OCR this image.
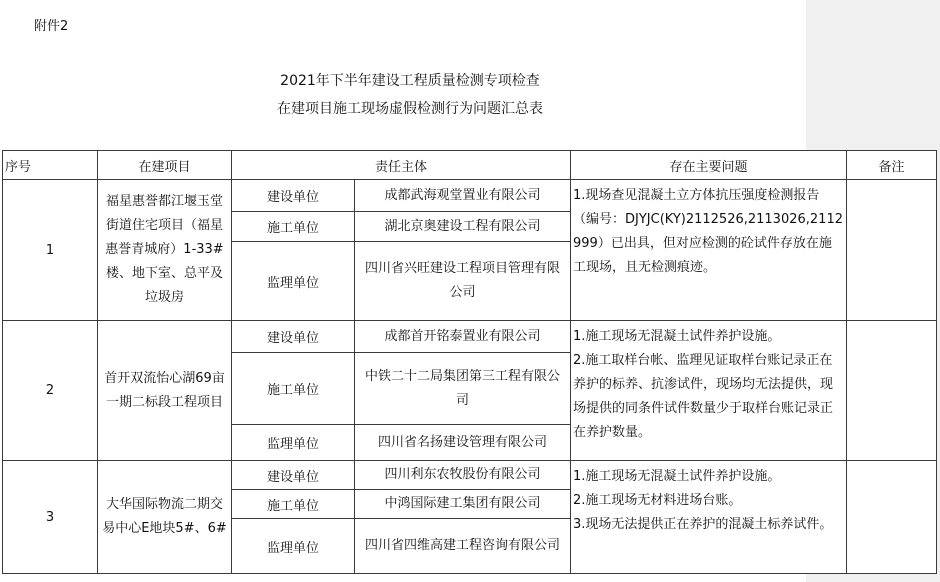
附件2
2021年下半年建设工程质量检测专项检查
在建项目施工现场虚假检测行为问题汇总表
序号	在建项目	责任主体		存在主要问题	备注
1	福星惠誉都江堰玉堂街道住宅项目（福星惠誉青城府）1-33#楼、地下室、总平及垃圾房	建设单位	成都武海观堂置业有限公司	1.现场查见混凝土立方体抗压强度检测报告（编号：DJYJC(KY)2112526,2113026,2112999）已出具，但对应检测的砼试件存放在施工现场，且无检测痕迹。	

		施工单位	湖北京奥建设工程有限公司		
		监理单位	四川省兴旺建设工程项目管理有限公司		
2	首开双流怡心湖69亩一期二标段工程项目	建设单位	成都首开铭泰置业有限公司	1.施工现场无混凝土试件养护设施。
2.施工取样台帐、监理见证取样台账记录正在养护的标养、抗渗试件，现场均无法提供，现场提供的同条件试件数量少于取样台账记录正在养护数量。	

		施工单位	中铁二十二局集团第三工程有限公司		
		监理单位	四川省名扬建设管理有限公司		
3	大华国际物流二期交易中心E地块5#、6#	建设单位	四川利东农牧股份有限公司	1.施工现场无混凝土试件养护设施。
2.施工现场无材料进场台账。
3.现场无法提供正在养护的混凝土标养试件。	

		施工单位	中鸿国际建工集团有限公司		
		监理单位	四川省四维高建工程咨询有限公司		
